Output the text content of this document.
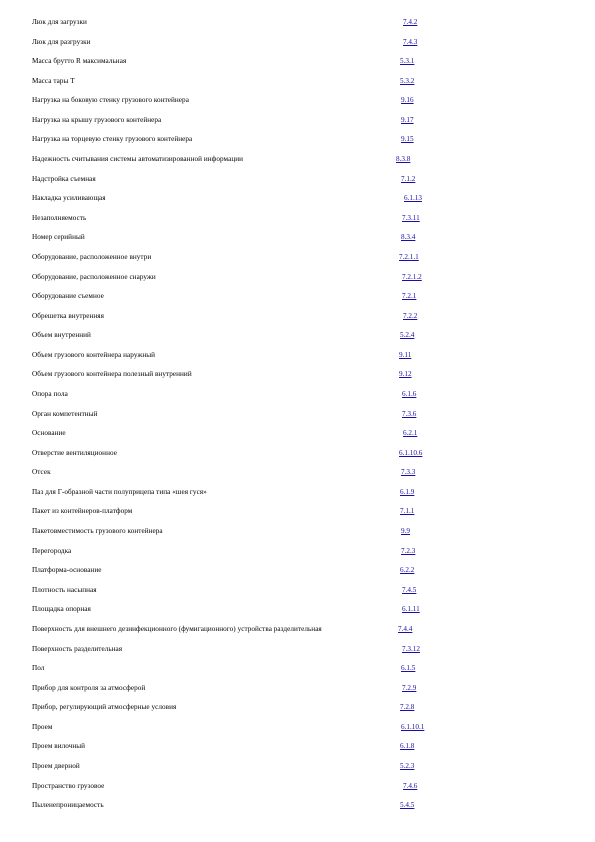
Люк для загрузки	7.4.2
Люк для разгрузки	7.4.3
Масса брутто R максимальная	5.3.1
Масса тары T	5.3.2
Нагрузка на боковую стенку грузового контейнера	9.16
Нагрузка на крышу грузового контейнера	9.17
Нагрузка на торцевую стенку грузового контейнера	9.15
Надежность считывания системы автоматизированной информации	8.3.8
Надстройка съемная	7.1.2
Накладка усиливающая	6.1.13
Незаполняемость	7.3.11
Номер серийный	8.3.4
Оборудование, расположенное внутри	7.2.1.1
Оборудование, расположенное снаружи	7.2.1.2
Оборудование съемное	7.2.1
Обрешетка внутренняя	7.2.2
Объем внутренний	5.2.4
Объем грузового контейнера наружный	9.11
Объем грузового контейнера полезный внутренний	9.12
Опора пола	6.1.6
Орган компетентный	7.3.6
Основание	6.2.1
Отверстие вентиляционное	6.1.10.6
Отсек	7.3.3
Паз для Г-образной части полуприцепа типа «шея гуся»	6.1.9
Пакет из контейнеров-платформ	7.1.1
Пакетовместимость грузового контейнера	9.9
Перегородка	7.2.3
Платформа-основание	6.2.2
Плотность насыпная	7.4.5
Площадка опорная	6.1.11
Поверхность для внешнего дезинфекционного (фумигационного) устройства разделительная	7.4.4
Поверхность разделительная	7.3.12
Пол	6.1.5
Прибор для контроля за атмосферой	7.2.9
Прибор, регулирующий атмосферные условия	7.2.8
Проем	6.1.10.1
Проем вилочный	6.1.8
Проем дверной	5.2.3
Пространство грузовое	7.4.6
Пыленепроницаемость	5.4.5
